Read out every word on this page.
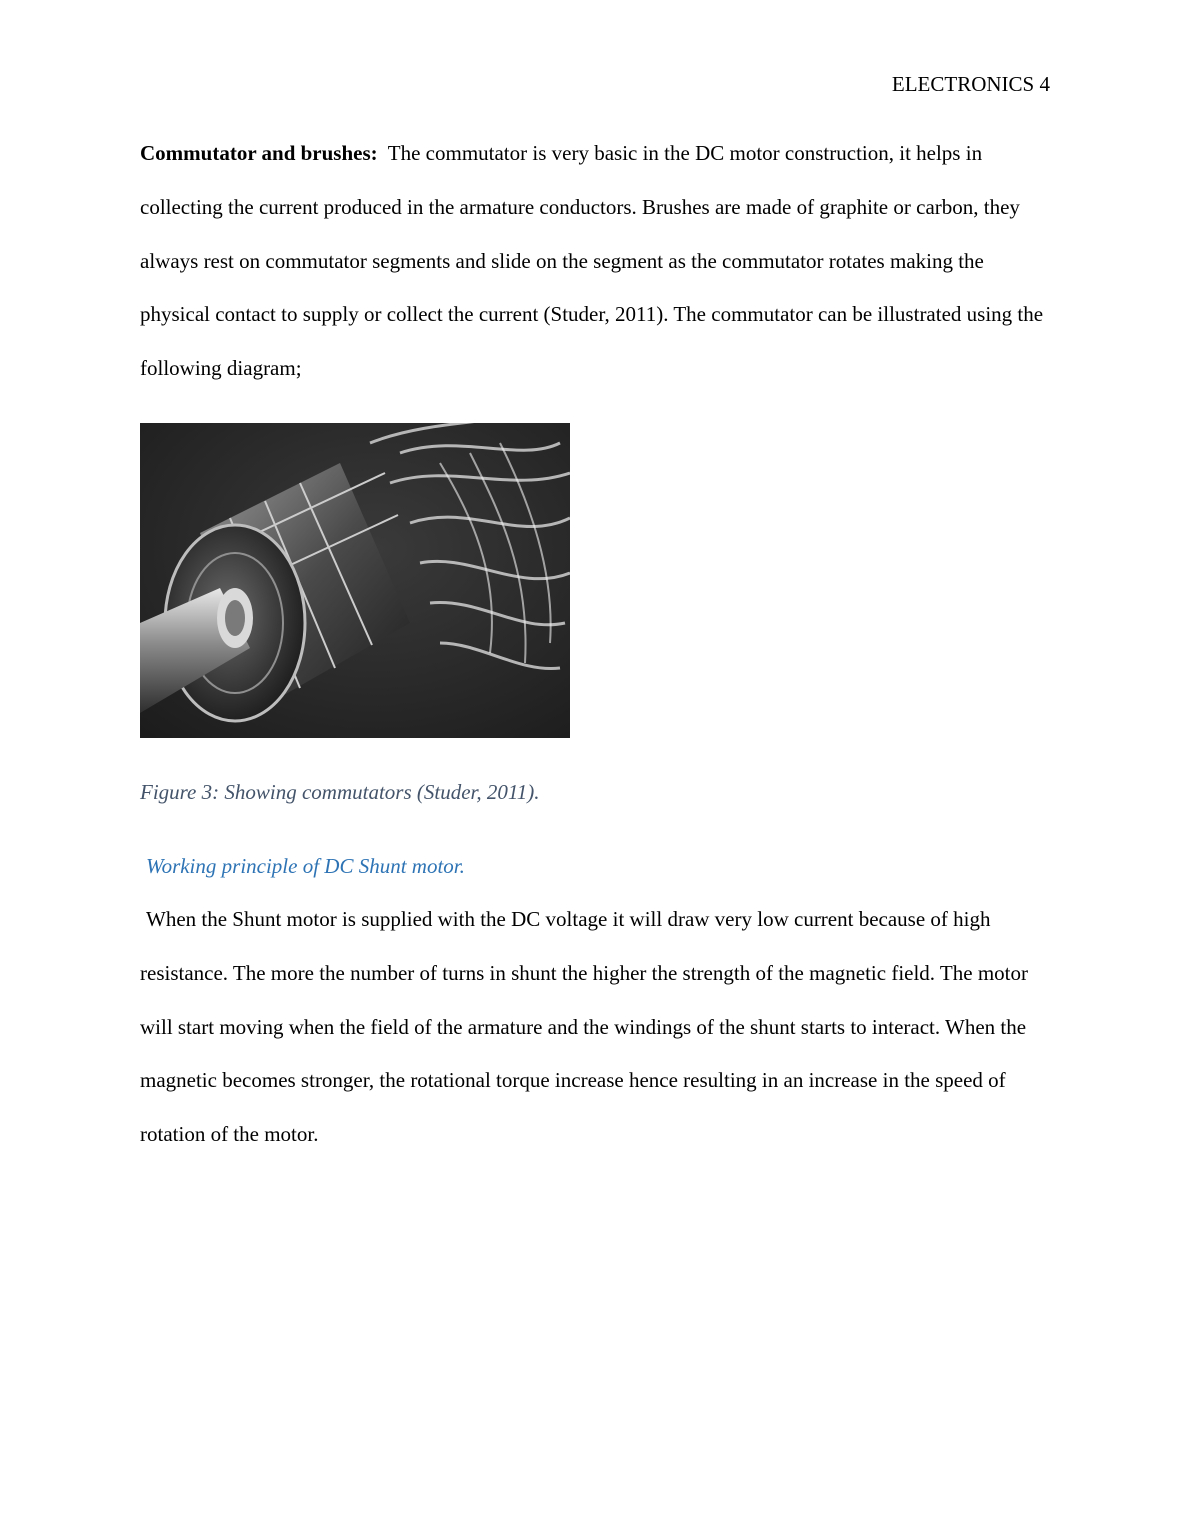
ELECTRONICS 4

Commutator and brushes:  The commutator is very basic in the DC motor construction, it helps in collecting the current produced in the armature conductors. Brushes are made of graphite or carbon, they always rest on commutator segments and slide on the segment as the commutator rotates making the physical contact to supply or collect the current (Studer, 2011). The commutator can be illustrated using the following diagram;

Figure 3: Showing commutators (Studer, 2011).
Working principle of DC Shunt motor.

When the Shunt motor is supplied with the DC voltage it will draw very low current because of high resistance. The more the number of turns in shunt the higher the strength of the magnetic field. The motor will start moving when the field of the armature and the windings of the shunt starts to interact. When the magnetic becomes stronger, the rotational torque increase hence resulting in an increase in the speed of rotation of the motor.
